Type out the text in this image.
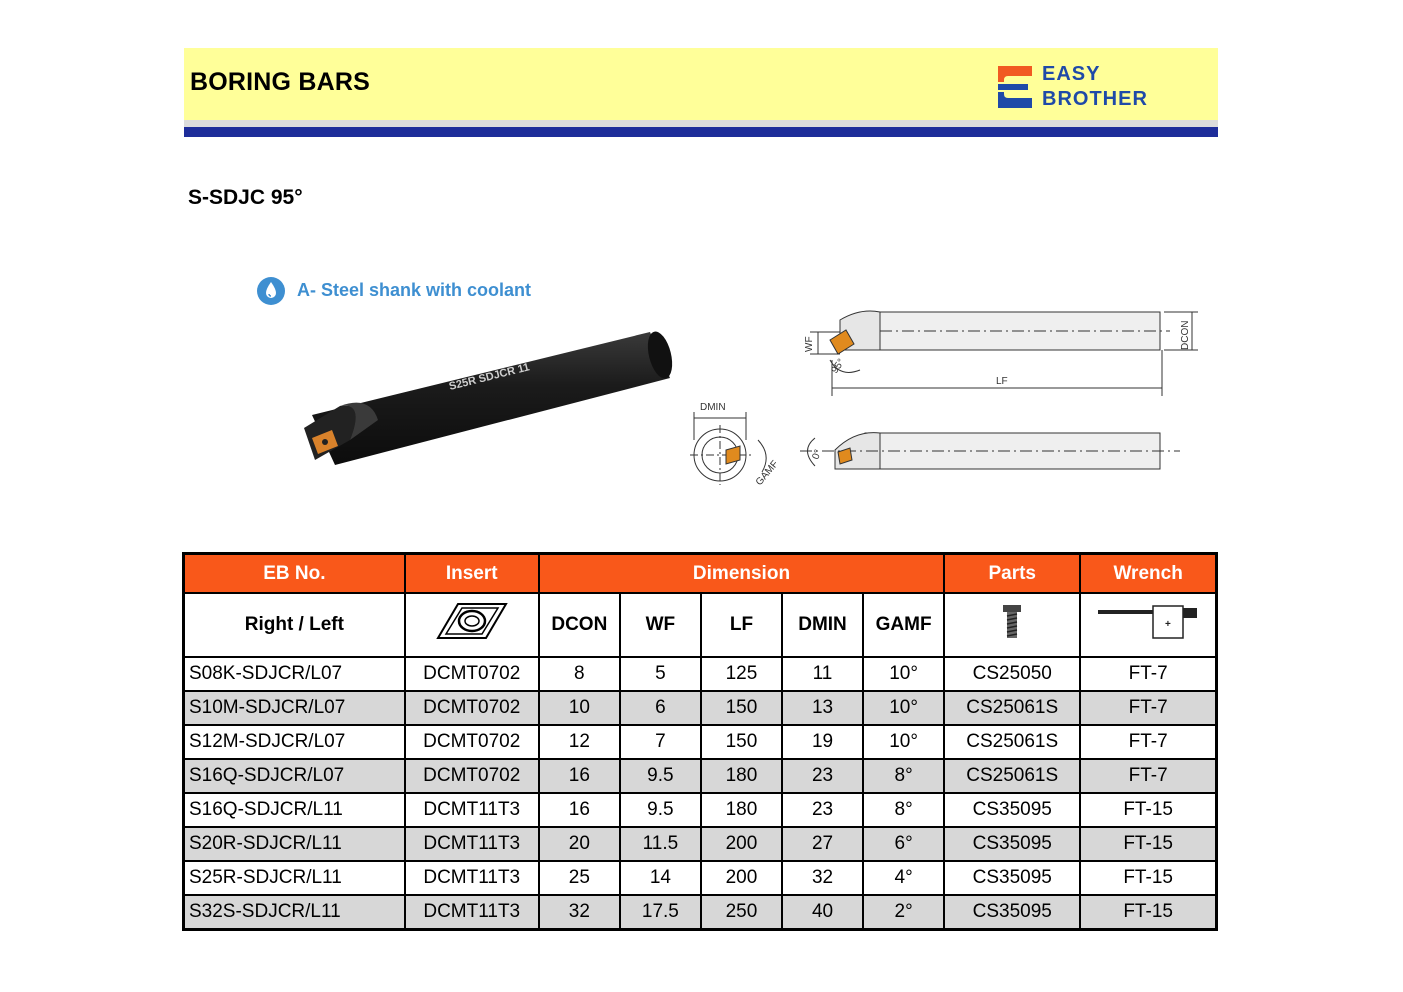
BORING BARS	EASY
BROTHER
S-SDJC 95°
A- Steel shank with coolant
S25R SDJCR 11
WF	DCON
LF
DMIN
GAMF
95°
0°
EB No.	Insert	Dimension					Parts	Wrench
Right / Left		DCON	WF	LF	DMIN	GAMF		+

S08K-SDJCR/L07	DCMT0702	8	5	125	11	10°	CS25050	FT-7
S10M-SDJCR/L07	DCMT0702	10	6	150	13	10°	CS25061S	FT-7
S12M-SDJCR/L07	DCMT0702	12	7	150	19	10°	CS25061S	FT-7
S16Q-SDJCR/L07	DCMT0702	16	9.5	180	23	8°	CS25061S	FT-7
S16Q-SDJCR/L11	DCMT11T3	16	9.5	180	23	8°	CS35095	FT-15
S20R-SDJCR/L11	DCMT11T3	20	11.5	200	27	6°	CS35095	FT-15
S25R-SDJCR/L11	DCMT11T3	25	14	200	32	4°	CS35095	FT-15
S32S-SDJCR/L11	DCMT11T3	32	17.5	250	40	2°	CS35095	FT-15
